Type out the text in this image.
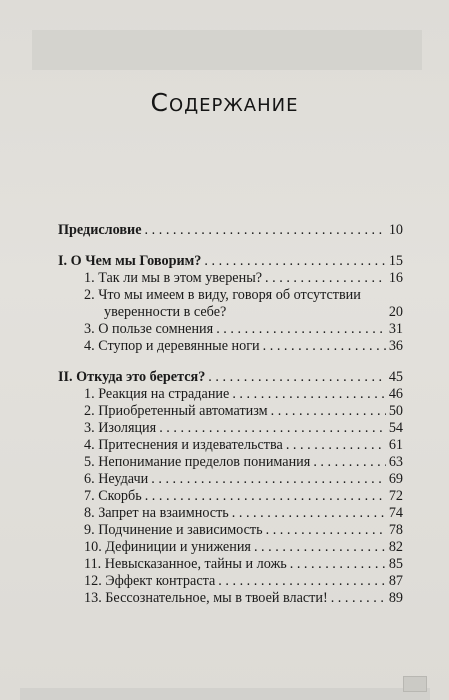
Содержание
Предисловие . . .	10
I. О Чем мы Говорим? . . .	15
1. Так ли мы в этом уверены? . . .	16
2. Что мы имеем в виду, говоря об отсутствии уверенности в себе?	20
3. О пользе сомнения . . .	31
4. Ступор и деревянные ноги . . .	36
II. Откуда это берется? . . .	45
1. Реакция на страдание . . .	46
2. Приобретенный автоматизм . . .	50
3. Изоляция . . .	54
4. Притеснения и издевательства . . .	61
5. Непонимание пределов понимания . . .	63
6. Неудачи . . .	69
7. Скорбь . . .	72
8. Запрет на взаимность . . .	74
9. Подчинение и зависимость . . .	78
10. Дефиниции и унижения . . .	82
11. Невысказанное, тайны и ложь . . .	85
12. Эффект контраста . . .	87
13. Бессознательное, мы в твоей власти! . . .	89
